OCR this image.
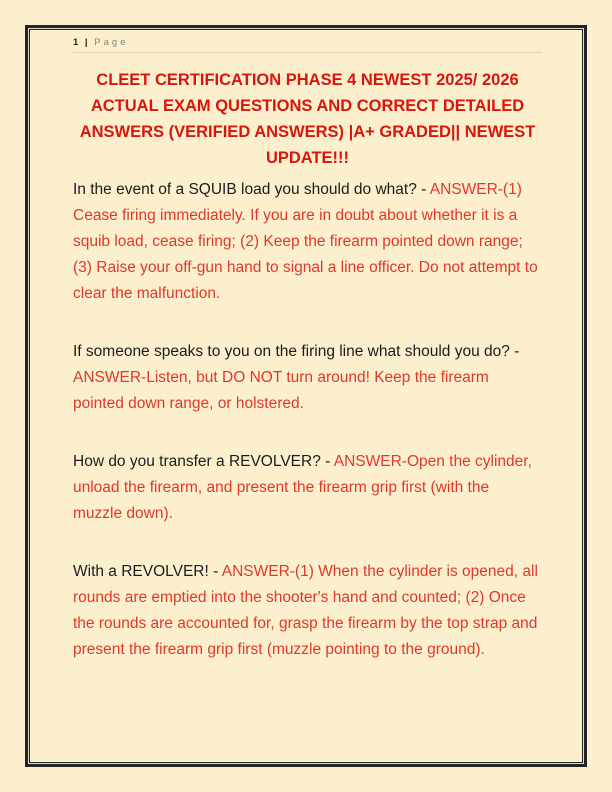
1 | Page
CLEET CERTIFICATION PHASE 4 NEWEST 2025/ 2026 ACTUAL EXAM QUESTIONS AND CORRECT DETAILED ANSWERS (VERIFIED ANSWERS) |A+ GRADED|| NEWEST UPDATE!!!

In the event of a SQUIB load you should do what? - ANSWER-(1) Cease firing immediately. If you are in doubt about whether it is a squib load, cease firing; (2) Keep the firearm pointed down range; (3) Raise your off-gun hand to signal a line officer. Do not attempt to clear the malfunction.

If someone speaks to you on the firing line what should you do? - ANSWER-Listen, but DO NOT turn around! Keep the firearm pointed down range, or holstered.

How do you transfer a REVOLVER? - ANSWER-Open the cylinder, unload the firearm, and present the firearm grip first (with the muzzle down).

With a REVOLVER! - ANSWER-(1) When the cylinder is opened, all rounds are emptied into the shooter's hand and counted; (2) Once the rounds are accounted for, grasp the firearm by the top strap and present the firearm grip first (muzzle pointing to the ground).
